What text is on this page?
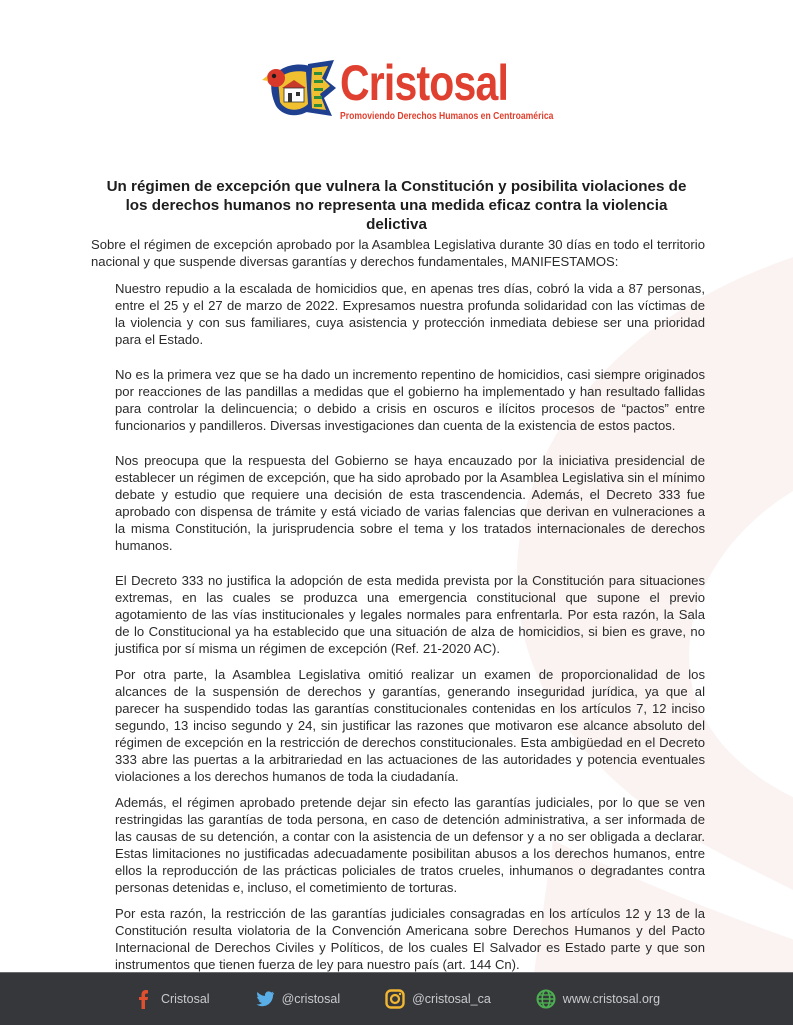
Cristosal
Promoviendo Derechos Humanos en Centroamérica
Un régimen de excepción que vulnera la Constitución y posibilita violaciones de los derechos humanos no representa una medida eficaz contra la violencia delictiva

Sobre el régimen de excepción aprobado por la Asamblea Legislativa durante 30 días en todo el territorio nacional y que suspende diversas garantías y derechos fundamentales, MANIFESTAMOS:

Nuestro repudio a la escalada de homicidios que, en apenas tres días, cobró la vida a 87 personas, entre el 25 y el 27 de marzo de 2022. Expresamos nuestra profunda solidaridad con las víctimas de la violencia y con sus familiares, cuya asistencia y protección inmediata debiese ser una prioridad para el Estado.

No es la primera vez que se ha dado un incremento repentino de homicidios, casi siempre originados por reacciones de las pandillas a medidas que el gobierno ha implementado y han resultado fallidas para controlar la delincuencia; o debido a crisis en oscuros e ilícitos procesos de “pactos” entre funcionarios y pandilleros. Diversas investigaciones dan cuenta de la existencia de estos pactos.

Nos preocupa que la respuesta del Gobierno se haya encauzado por la iniciativa presidencial de establecer un régimen de excepción, que ha sido aprobado por la Asamblea Legislativa sin el mínimo debate y estudio que requiere una decisión de esta trascendencia. Además, el Decreto 333 fue aprobado con dispensa de trámite y está viciado de varias falencias que derivan en vulneraciones a la misma Constitución, la jurisprudencia sobre el tema y los tratados internacionales de derechos humanos.

El Decreto 333 no justifica la adopción de esta medida prevista por la Constitución para situaciones extremas, en las cuales se produzca una emergencia constitucional que supone el previo agotamiento de las vías institucionales y legales normales para enfrentarla. Por esta razón, la Sala de lo Constitucional ya ha establecido que una situación de alza de homicidios, si bien es grave, no justifica por sí misma un régimen de excepción (Ref. 21-2020 AC).

Por otra parte, la Asamblea Legislativa omitió realizar un examen de proporcionalidad de los alcances de la suspensión de derechos y garantías, generando inseguridad jurídica, ya que al parecer ha suspendido todas las garantías constitucionales contenidas en los artículos 7, 12 inciso segundo, 13 inciso segundo y 24, sin justificar las razones que motivaron ese alcance absoluto del régimen de excepción en la restricción de derechos constitucionales. Esta ambigüedad en el Decreto 333 abre las puertas a la arbitrariedad en las actuaciones de las autoridades y potencia eventuales violaciones a los derechos humanos de toda la ciudadanía.

Además, el régimen aprobado pretende dejar sin efecto las garantías judiciales, por lo que se ven restringidas las garantías de toda persona, en caso de detención administrativa, a ser informada de las causas de su detención, a contar con la asistencia de un defensor y a no ser obligada a declarar. Estas limitaciones no justificadas adecuadamente posibilitan abusos a los derechos humanos, entre ellos la reproducción de las prácticas policiales de tratos crueles, inhumanos o degradantes contra personas detenidas e, incluso, el cometimiento de torturas.

Por esta razón, la restricción de las garantías judiciales consagradas en los artículos 12 y 13 de la Constitución resulta violatoria de la Convención Americana sobre Derechos Humanos y del Pacto Internacional de Derechos Civiles y Políticos, de los cuales El Salvador es Estado parte y que son instrumentos que tienen fuerza de ley para nuestro país (art. 144 Cn).

Cristosal	@cristosal	@cristosal_ca	www.cristosal.org
